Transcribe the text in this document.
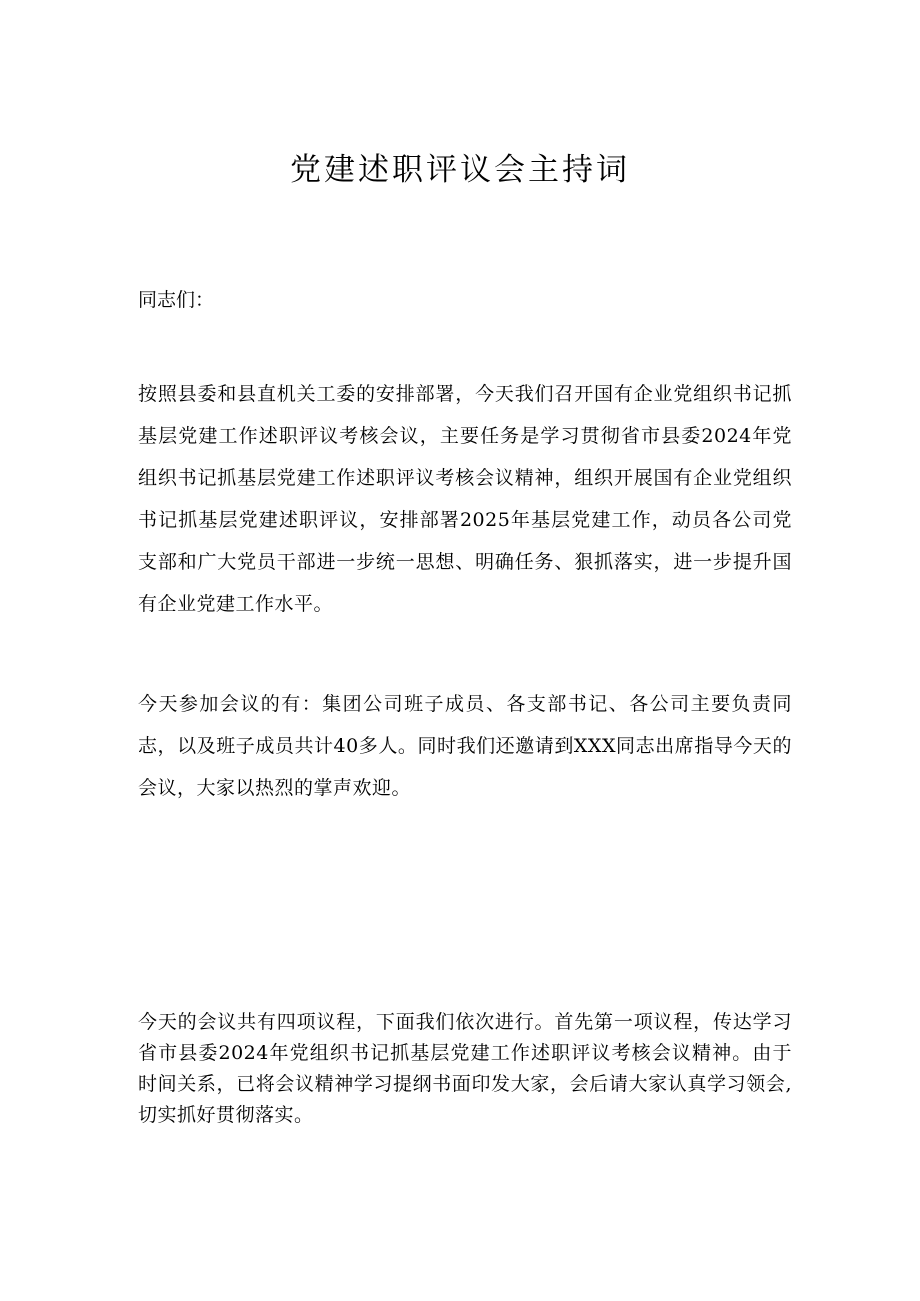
党建述职评议会主持词
同志们：

按照县委和县直机关工委的安排部署，今天我们召开国有企业党组织书记抓基层党建工作述职评议考核会议，主要任务是学习贯彻省市县委2024年党组织书记抓基层党建工作述职评议考核会议精神，组织开展国有企业党组织书记抓基层党建述职评议，安排部署2025年基层党建工作，动员各公司党支部和广大党员干部进一步统一思想、明确任务、狠抓落实，进一步提升国有企业党建工作水平。

今天参加会议的有：集团公司班子成员、各支部书记、各公司主要负责同志，以及班子成员共计40多人。同时我们还邀请到XXX同志出席指导今天的会议，大家以热烈的掌声欢迎。

今天的会议共有四项议程，下面我们依次进行。首先第一项议程，传达学习省市县委2024年党组织书记抓基层党建工作述职评议考核会议精神。由于时间关系，已将会议精神学习提纲书面印发大家，会后请大家认真学习领会,切实抓好贯彻落实。
